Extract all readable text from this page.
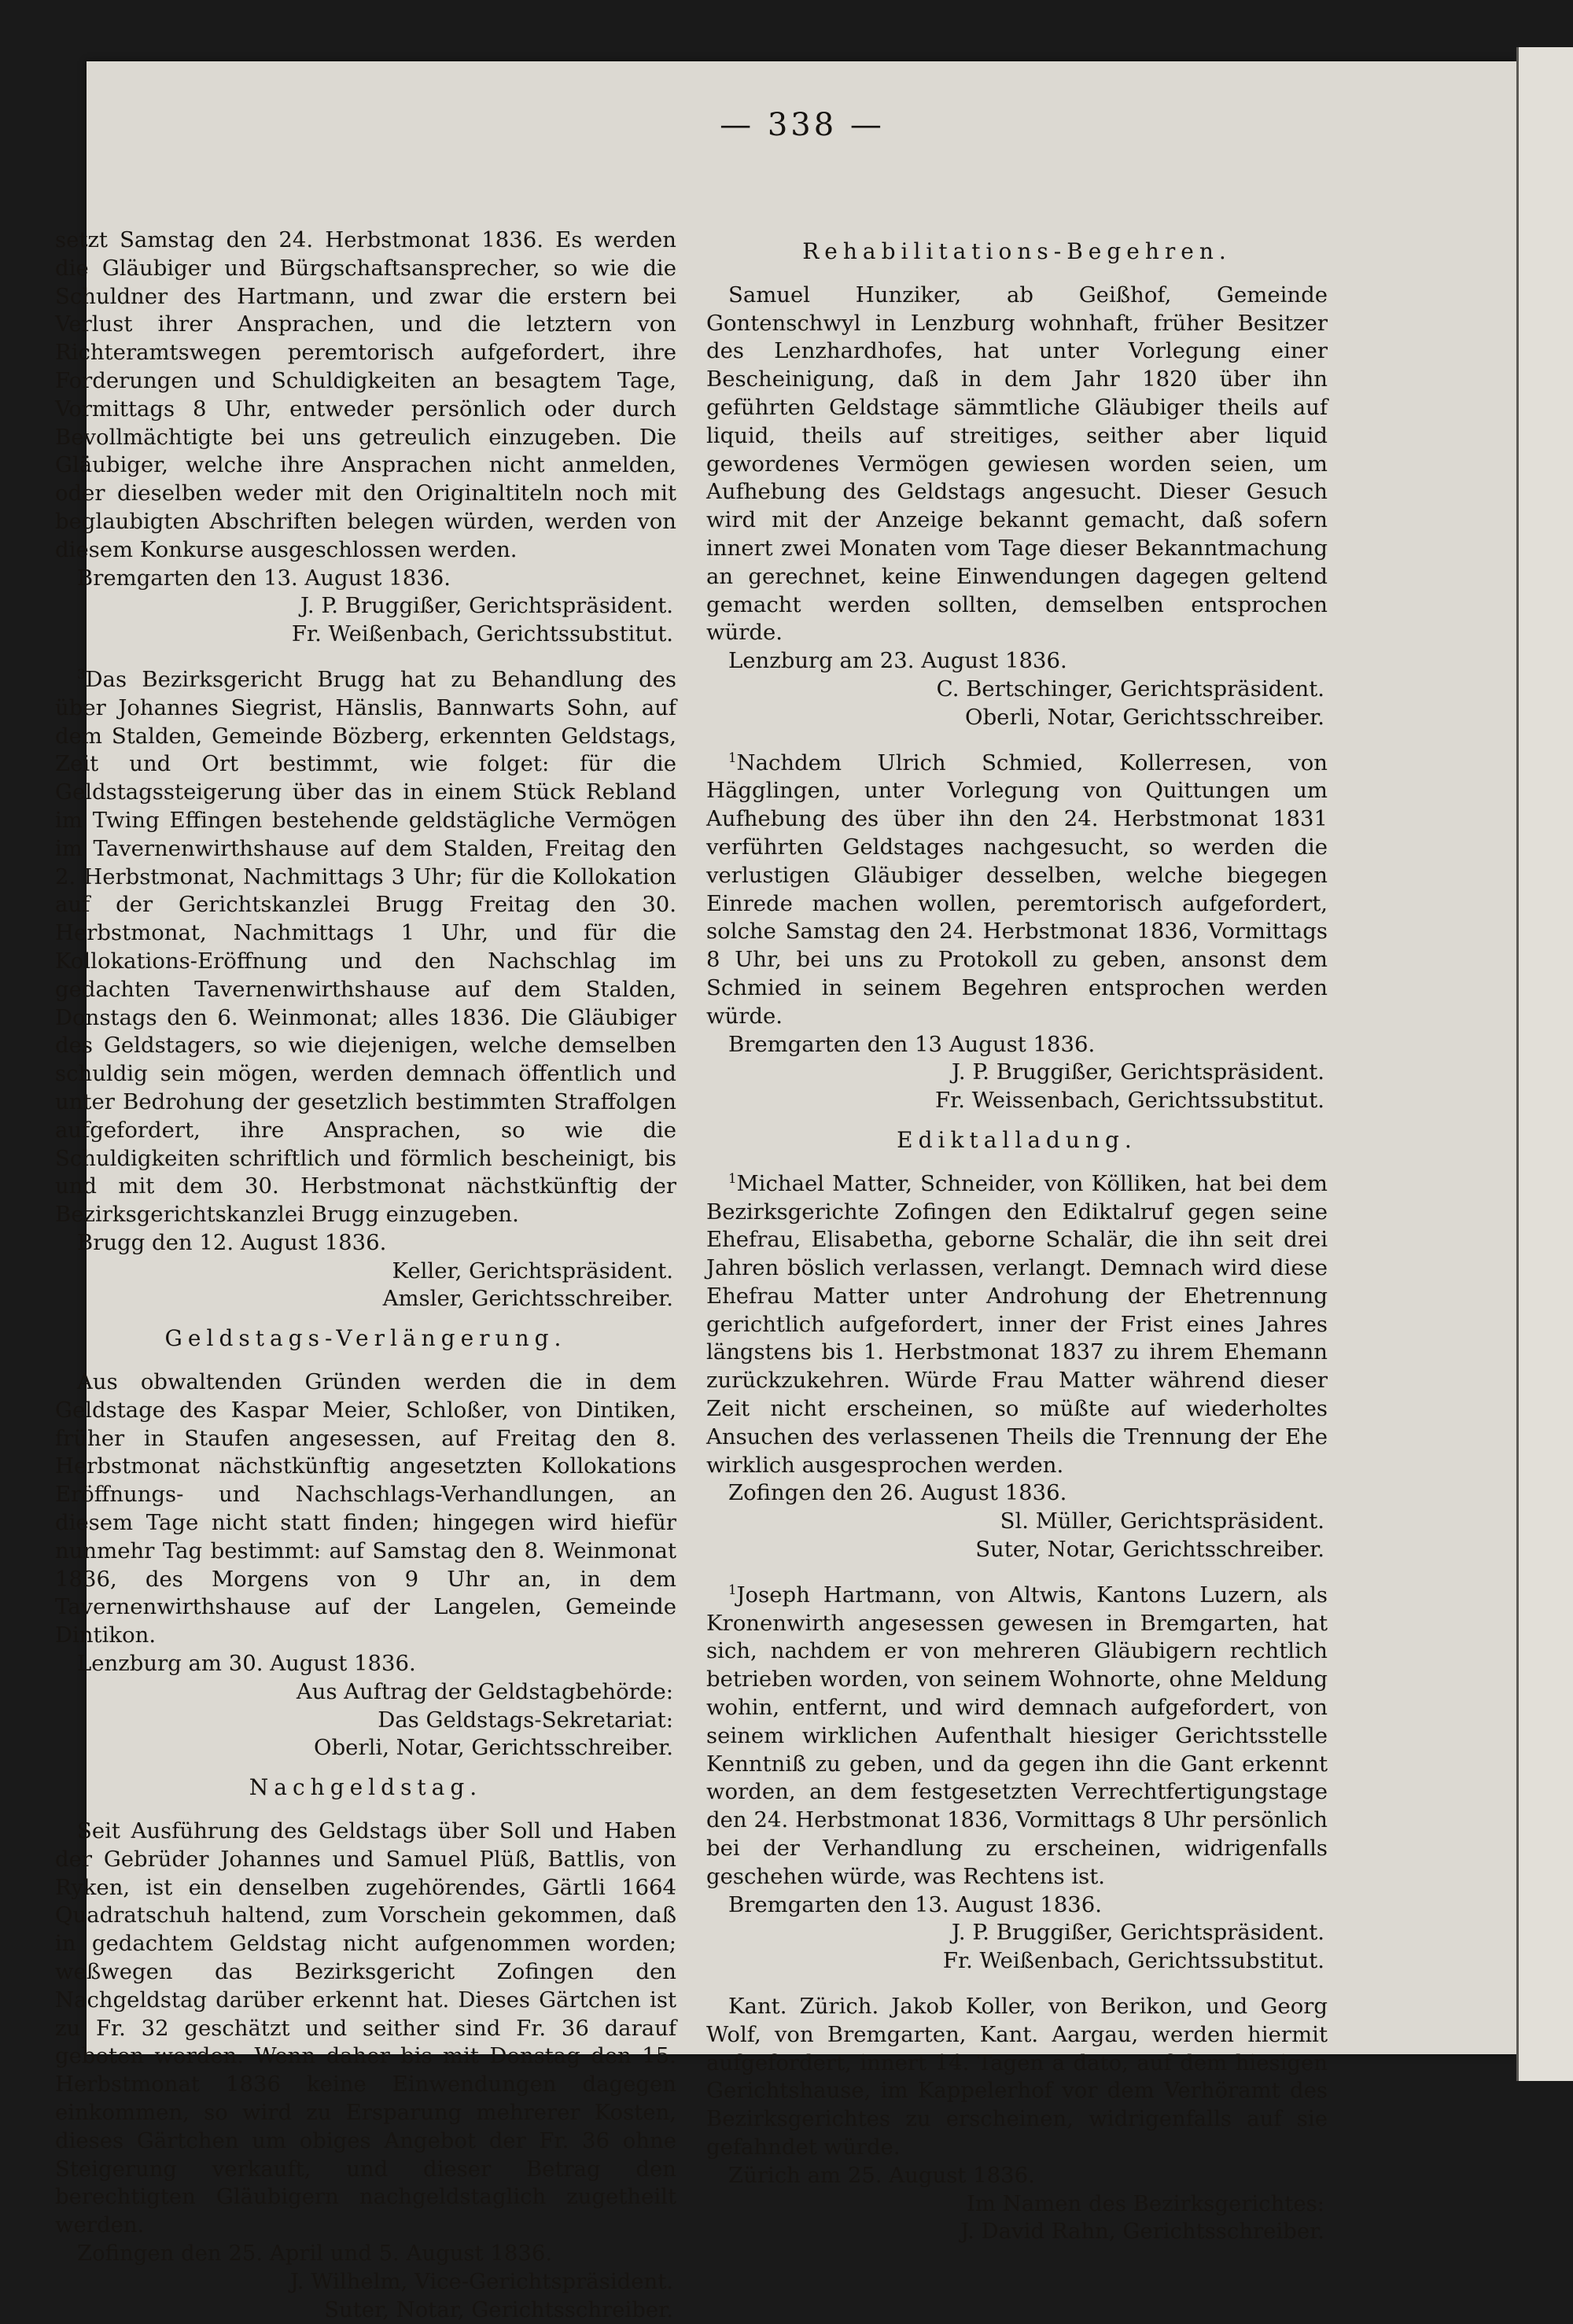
— 338 —

setzt Samstag den 24. Herbstmonat 1836. Es werden die Gläubiger und Bürgschaftsansprecher, so wie die Schuldner des Hartmann, und zwar die erstern bei Verlust ihrer Ansprachen, und die letztern von Richteramtswegen peremtorisch aufgefordert, ihre Forderungen und Schuldigkeiten an besagtem Tage, Vormittags 8 Uhr, entweder persönlich oder durch Bevollmächtigte bei uns getreulich einzugeben. Die Gläubiger, welche ihre Ansprachen nicht anmelden, oder dieselben weder mit den Originaltiteln noch mit beglaubigten Abschriften belegen würden, werden von diesem Konkurse ausgeschlossen werden.

Bremgarten den 13. August 1836.

J. P. Bruggißer, Gerichtspräsident.

Fr. Weißenbach, Gerichtssubstitut.

$^3$Das Bezirksgericht Brugg hat zu Behandlung des über Johannes Siegrist, Hänslis, Bannwarts Sohn, auf dem Stalden, Gemeinde Bözberg, erkennten Geldstags, Zeit und Ort bestimmt, wie folget: für die Geldstagssteigerung über das in einem Stück Rebland im Twing Effingen bestehende geldstägliche Vermögen im Tavernenwirthshause auf dem Stalden, Freitag den 2. Herbstmonat, Nachmittags 3 Uhr; für die Kollokation auf der Gerichtskanzlei Brugg Freitag den 30. Herbstmonat, Nachmittags 1 Uhr, und für die Kollokations-Eröffnung und den Nachschlag im gedachten Tavernenwirthshause auf dem Stalden, Donstags den 6. Weinmonat; alles 1836. Die Gläubiger des Geldstagers, so wie diejenigen, welche demselben schuldig sein mögen, werden demnach öffentlich und unter Bedrohung der gesetzlich bestimmten Straffolgen aufgefordert, ihre Ansprachen, so wie die Schuldigkeiten schriftlich und förmlich bescheinigt, bis und mit dem 30. Herbstmonat nächstkünftig der Bezirksgerichtskanzlei Brugg einzugeben.

Brugg den 12. August 1836.

Keller, Gerichtspräsident.

Amsler, Gerichtsschreiber.

Geldstags-Verlängerung.

Aus obwaltenden Gründen werden die in dem Geldstage des Kaspar Meier, Schloßer, von Dintiken, früher in Staufen angesessen, auf Freitag den 8. Herbstmonat nächstkünftig angesetzten Kollokations Eröffnungs- und Nachschlags-Verhandlungen, an diesem Tage nicht statt finden; hingegen wird hiefür nunmehr Tag bestimmt: auf Samstag den 8. Weinmonat 1836, des Morgens von 9 Uhr an, in dem Tavernenwirthshause auf der Langelen, Gemeinde Dintikon.

Lenzburg am 30. August 1836.

Aus Auftrag der Geldstagbehörde:

Das Geldstags-Sekretariat:

Oberli, Notar, Gerichtsschreiber.

Nachgeldstag.

Seit Ausführung des Geldstags über Soll und Haben der Gebrüder Johannes und Samuel Plüß, Battlis, von Ryken, ist ein denselben zugehörendes, Gärtli 1664 Quadratschuh haltend, zum Vorschein gekommen, daß in gedachtem Geldstag nicht aufgenommen worden; weßwegen das Bezirksgericht Zofingen den Nachgeldstag darüber erkennt hat. Dieses Gärtchen ist zu Fr. 32 geschätzt und seither sind Fr. 36 darauf geboten worden. Wenn daher bis mit Donstag den 15. Herbstmonat 1836 keine Einwendungen dagegen einkommen, so wird zu Ersparung mehrerer Kosten, dieses Gärtchen um obiges Angebot der Fr. 36 ohne Steigerung verkauft, und dieser Betrag den berechtigten Gläubigern nachgeldstaglich zugetheilt werden.

Zofingen den 25. April und 5. August 1836.

J. Wilhelm, Vice-Gerichtspräsident.

Suter, Notar, Gerichtsschreiber.

Rehabilitations-Begehren.

Samuel Hunziker, ab Geißhof, Gemeinde Gontenschwyl in Lenzburg wohnhaft, früher Besitzer des Lenzhardhofes, hat unter Vorlegung einer Bescheinigung, daß in dem Jahr 1820 über ihn geführten Geldstage sämmtliche Gläubiger theils auf liquid, theils auf streitiges, seither aber liquid gewordenes Vermögen gewiesen worden seien, um Aufhebung des Geldstags angesucht. Dieser Gesuch wird mit der Anzeige bekannt gemacht, daß sofern innert zwei Monaten vom Tage dieser Bekanntmachung an gerechnet, keine Einwendungen dagegen geltend gemacht werden sollten, demselben entsprochen würde.

Lenzburg am 23. August 1836.

C. Bertschinger, Gerichtspräsident.

Oberli, Notar, Gerichtsschreiber.

$^1$Nachdem Ulrich Schmied, Kollerresen, von Hägglingen, unter Vorlegung von Quittungen um Aufhebung des über ihn den 24. Herbstmonat 1831 verführten Geldstages nachgesucht, so werden die verlustigen Gläubiger desselben, welche biegegen Einrede machen wollen, peremtorisch aufgefordert, solche Samstag den 24. Herbstmonat 1836, Vormittags 8 Uhr, bei uns zu Protokoll zu geben, ansonst dem Schmied in seinem Begehren entsprochen werden würde.

Bremgarten den 13 August 1836.

J. P. Bruggißer, Gerichtspräsident.

Fr. Weissenbach, Gerichtssubstitut.

Ediktalladung.

$^1$Michael Matter, Schneider, von Kölliken, hat bei dem Bezirksgerichte Zofingen den Ediktalruf gegen seine Ehefrau, Elisabetha, geborne Schalär, die ihn seit drei Jahren böslich verlassen, verlangt. Demnach wird diese Ehefrau Matter unter Androhung der Ehetrennung gerichtlich aufgefordert, inner der Frist eines Jahres längstens bis 1. Herbstmonat 1837 zu ihrem Ehemann zurückzukehren. Würde Frau Matter während dieser Zeit nicht erscheinen, so müßte auf wiederholtes Ansuchen des verlassenen Theils die Trennung der Ehe wirklich ausgesprochen werden.

Zofingen den 26. August 1836.

Sl. Müller, Gerichtspräsident.

Suter, Notar, Gerichtsschreiber.

$^1$Joseph Hartmann, von Altwis, Kantons Luzern, als Kronenwirth angesessen gewesen in Bremgarten, hat sich, nachdem er von mehreren Gläubigern rechtlich betrieben worden, von seinem Wohnorte, ohne Meldung wohin, entfernt, und wird demnach aufgefordert, von seinem wirklichen Aufenthalt hiesiger Gerichtsstelle Kenntniß zu geben, und da gegen ihn die Gant erkennt worden, an dem festgesetzten Verrechtfertigungstage den 24. Herbstmonat 1836, Vormittags 8 Uhr persönlich bei der Verhandlung zu erscheinen, widrigenfalls geschehen würde, was Rechtens ist.

Bremgarten den 13. August 1836.

J. P. Bruggißer, Gerichtspräsident.

Fr. Weißenbach, Gerichtssubstitut.

Kant. Zürich. Jakob Koller, von Berikon, und Georg Wolf, von Bremgarten, Kant. Aargau, werden hiermit aufgefordert, innert 14. Tagen a dato, auf dem hiesigen Gerichtshause, im Kappelerhof vor dem Verhöramt des Bezirksgerichtes zu erscheinen, widrigenfalls auf sie gefahndet würde.

Zürich am 25. August 1836.

Im Namen des Bezirksgerichtes:

J. David Rahn, Gerichtsschreiber.
